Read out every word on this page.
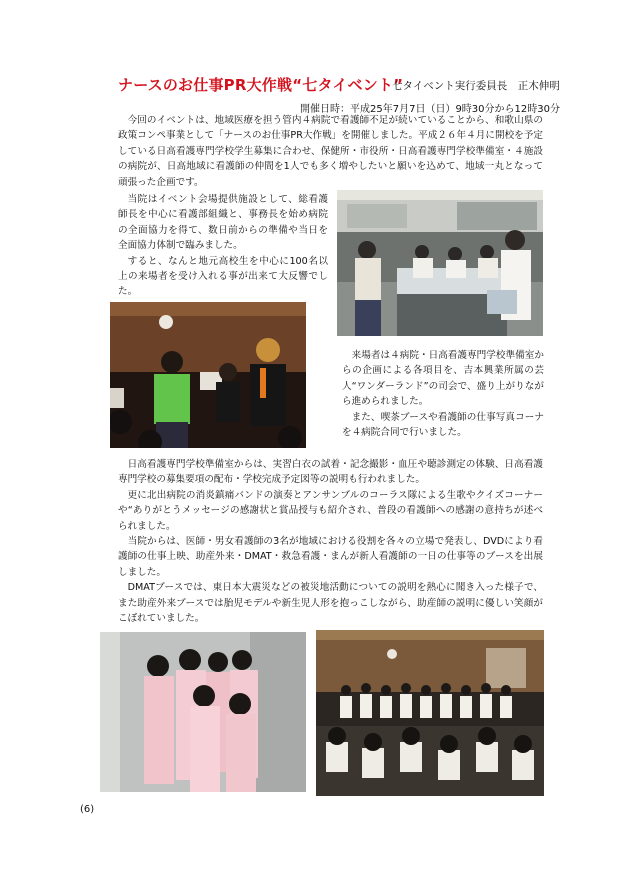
ナースのお仕事PR大作戦“七タイベント”
七タイベント実行委員長　正木伸明
開催日時：平成25年7月7日（日）9時30分から12時30分

今回のイベントは、地域医療を担う管内４病院で看護師不足が続いていることから、和歌山県の政策コンペ事業として「ナースのお仕事PR大作戦」を開催しました。平成２６年４月に開校を予定している日高看護専門学校学生募集に合わせ、保健所・市役所・日高看護専門学校準備室・４施設の病院が、日高地域に看護師の仲間を1人でも多く増やしたいと願いを込めて、地域一丸となって頑張った企画です。

当院はイベント会場提供施設として、総看護師長を中心に看護部組織と、事務長を始め病院の全面協力を得て、数日前からの準備や当日を全面協力体制で臨みました。

すると、なんと地元高校生を中心に100名以上の来場者を受け入れる事が出来て大反響でした。

来場者は４病院・日高看護専門学校準備室からの企画による各項目を、吉本興業所属の芸人“ワンダーランド”の司会で、盛り上がりながら進められました。

また、喫茶ブースや看護師の仕事写真コーナを４病院合同で行いました。

日高看護専門学校準備室からは、実習白衣の試着・記念撮影・血圧や聴診測定の体験、日高看護専門学校の募集要項の配布・学校完成予定図等の説明も行われました。

更に北出病院の消炎鎮痛バンドの演奏とアンサンブルのコーラス隊による生歌やクイズコーナーや“ありがとうメッセージの感謝状と賞品授与も紹介され、普段の看護師への感謝の意持ちが述べられました。

当院からは、医師・男女看護師の3名が地域における役割を各々の立場で発表し、DVDにより看護師の仕事上映、助産外来・DMAT・救急看護・まんが新人看護師の一日の仕事等のブースを出展しました。

DMATブースでは、東日本大震災などの被災地活動についての説明を熱心に聞き入った様子で、また助産外来ブースでは胎児モデルや新生児人形を抱っこしながら、助産師の説明に優しい笑顔がこぼれていました。

(6)
